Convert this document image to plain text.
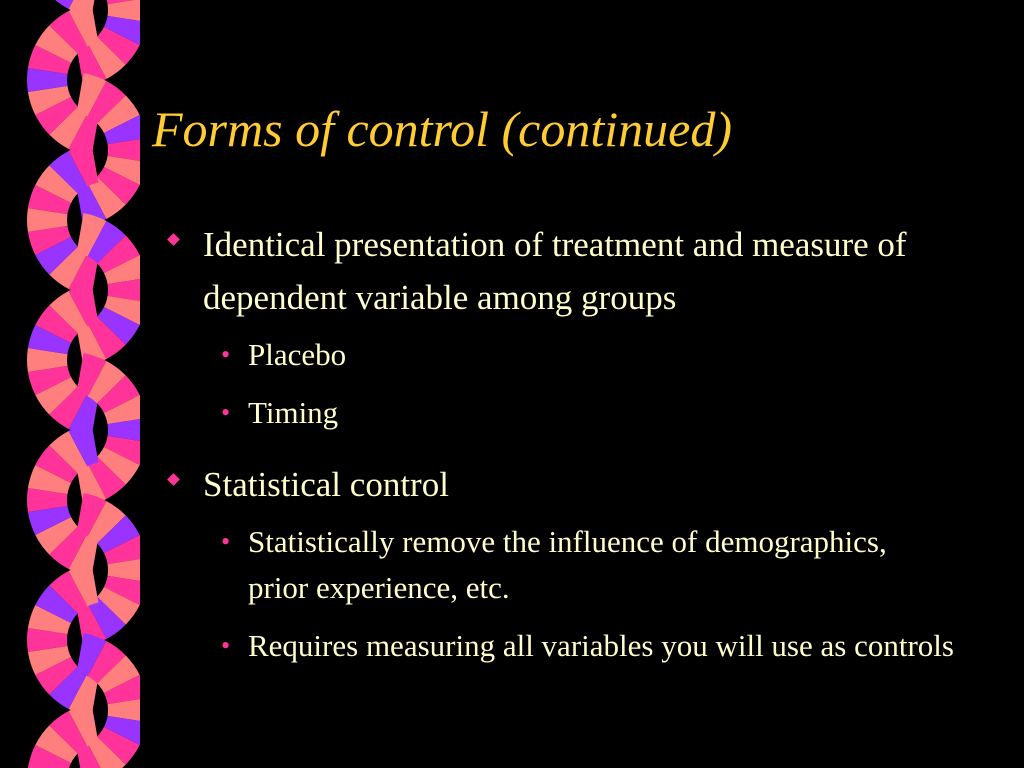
Forms of control (continued)
Identical presentation of treatment and measure of dependent variable among groups
• Placebo
• Timing
Statistical control
• Statistically remove the influence of demographics, prior experience, etc.
• Requires measuring all variables you will use as controls
